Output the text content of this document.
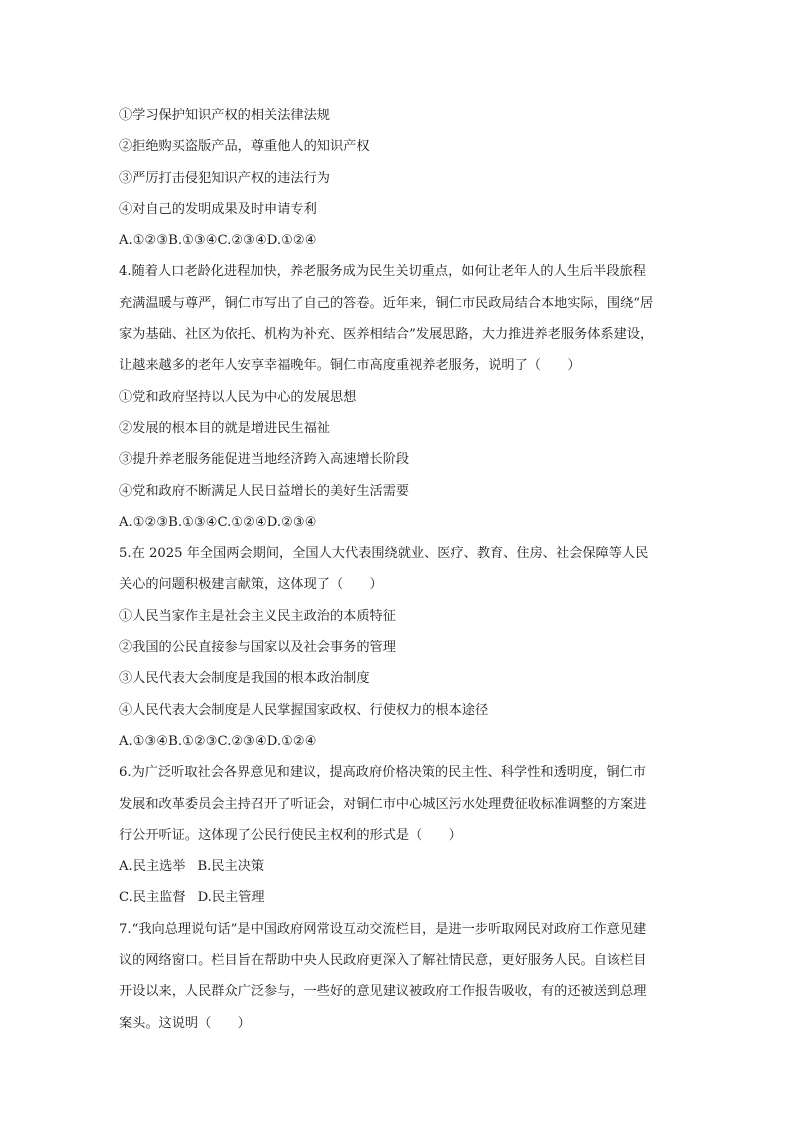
①学习保护知识产权的相关法律法规

②拒绝购买盗版产品，尊重他人的知识产权

③严厉打击侵犯知识产权的违法行为

④对自己的发明成果及时申请专利

A.①②③B.①③④C.②③④D.①②④

4.随着人口老龄化进程加快，养老服务成为民生关切重点，如何让老年人的人生后半段旅程

充满温暖与尊严，铜仁市写出了自己的答卷。近年来，铜仁市民政局结合本地实际，围绕“居

家为基础、社区为依托、机构为补充、医养相结合”发展思路，大力推进养老服务体系建设，

让越来越多的老年人安享幸福晚年。铜仁市高度重视养老服务，说明了（　　）

①党和政府坚持以人民为中心的发展思想

②发展的根本目的就是增进民生福祉

③提升养老服务能促进当地经济跨入高速增长阶段

④党和政府不断满足人民日益增长的美好生活需要

A.①②③B.①③④C.①②④D.②③④

5.在 2025 年全国两会期间，全国人大代表围绕就业、医疗、教育、住房、社会保障等人民

关心的问题积极建言献策，这体现了（　　）

①人民当家作主是社会主义民主政治的本质特征

②我国的公民直接参与国家以及社会事务的管理

③人民代表大会制度是我国的根本政治制度

④人民代表大会制度是人民掌握国家政权、行使权力的根本途径

A.①③④B.①②③C.②③④D.①②④

6.为广泛听取社会各界意见和建议，提高政府价格决策的民主性、科学性和透明度，铜仁市

发展和改革委员会主持召开了听证会，对铜仁市中心城区污水处理费征收标准调整的方案进

行公开听证。这体现了公民行使民主权利的形式是（　　）

A.民主选举 B.民主决策

C.民主监督 D.民主管理

7.“我向总理说句话”是中国政府网常设互动交流栏目，是进一步听取网民对政府工作意见建

议的网络窗口。栏目旨在帮助中央人民政府更深入了解社情民意，更好服务人民。自该栏目

开设以来，人民群众广泛参与，一些好的意见建议被政府工作报告吸收，有的还被送到总理

案头。这说明（　　）
